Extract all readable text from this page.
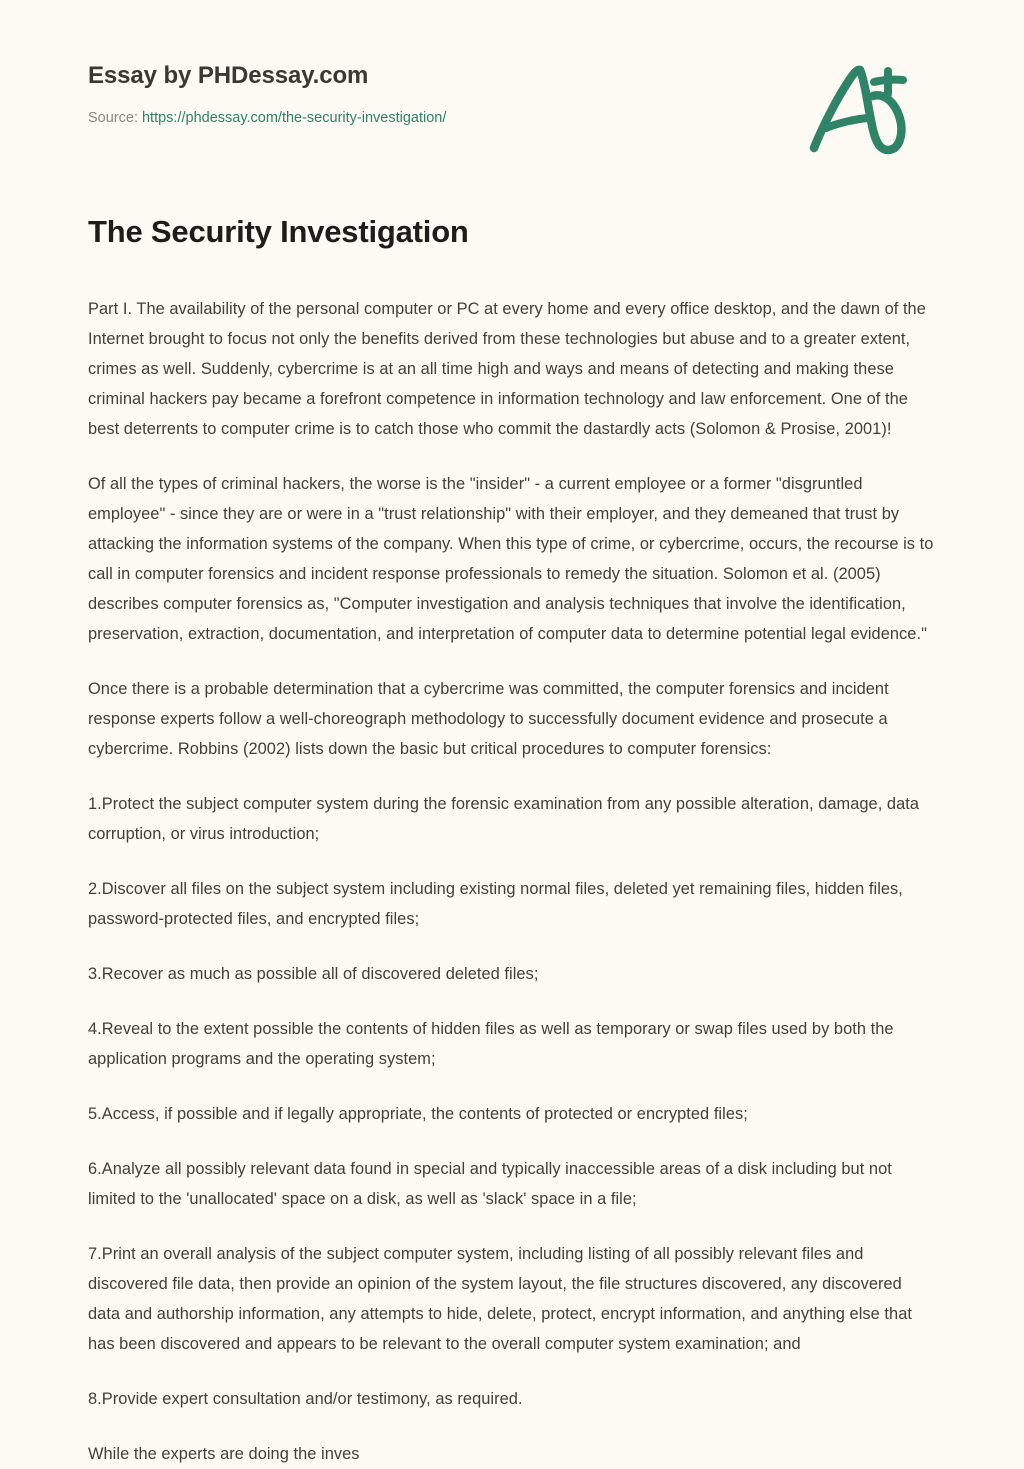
Essay by PHDessay.com
Source: https://phdessay.com/the-security-investigation/
The Security Investigation

Part I. The availability of the personal computer or PC at every home and every office desktop, and the dawn of the Internet brought to focus not only the benefits derived from these technologies but abuse and to a greater extent, crimes as well. Suddenly, cybercrime is at an all time high and ways and means of detecting and making these criminal hackers pay became a forefront competence in information technology and law enforcement. One of the best deterrents to computer crime is to catch those who commit the dastardly acts (Solomon & Prosise, 2001)!

Of all the types of criminal hackers, the worse is the "insider" - a current employee or a former "disgruntled employee" - since they are or were in a "trust relationship" with their employer, and they demeaned that trust by attacking the information systems of the company. When this type of crime, or cybercrime, occurs, the recourse is to call in computer forensics and incident response professionals to remedy the situation. Solomon et al. (2005) describes computer forensics as, "Computer investigation and analysis techniques that involve the identification, preservation, extraction, documentation, and interpretation of computer data to determine potential legal evidence."

Once there is a probable determination that a cybercrime was committed, the computer forensics and incident response experts follow a well-choreograph methodology to successfully document evidence and prosecute a cybercrime. Robbins (2002) lists down the basic but critical procedures to computer forensics:

1.Protect the subject computer system during the forensic examination from any possible alteration, damage, data corruption, or virus introduction;

2.Discover all files on the subject system including existing normal files, deleted yet remaining files, hidden files, password-protected files, and encrypted files;

3.Recover as much as possible all of discovered deleted files;

4.Reveal to the extent possible the contents of hidden files as well as temporary or swap files used by both the application programs and the operating system;

5.Access, if possible and if legally appropriate, the contents of protected or encrypted files;

6.Analyze all possibly relevant data found in special and typically inaccessible areas of a disk including but not limited to the 'unallocated' space on a disk, as well as 'slack' space in a file;

7.Print an overall analysis of the subject computer system, including listing of all possibly relevant files and discovered file data, then provide an opinion of the system layout, the file structures discovered, any discovered data and authorship information, any attempts to hide, delete, protect, encrypt information, and anything else that has been discovered and appears to be relevant to the overall computer system examination; and

8.Provide expert consultation and/or testimony, as required.

While the experts are doing the inves
